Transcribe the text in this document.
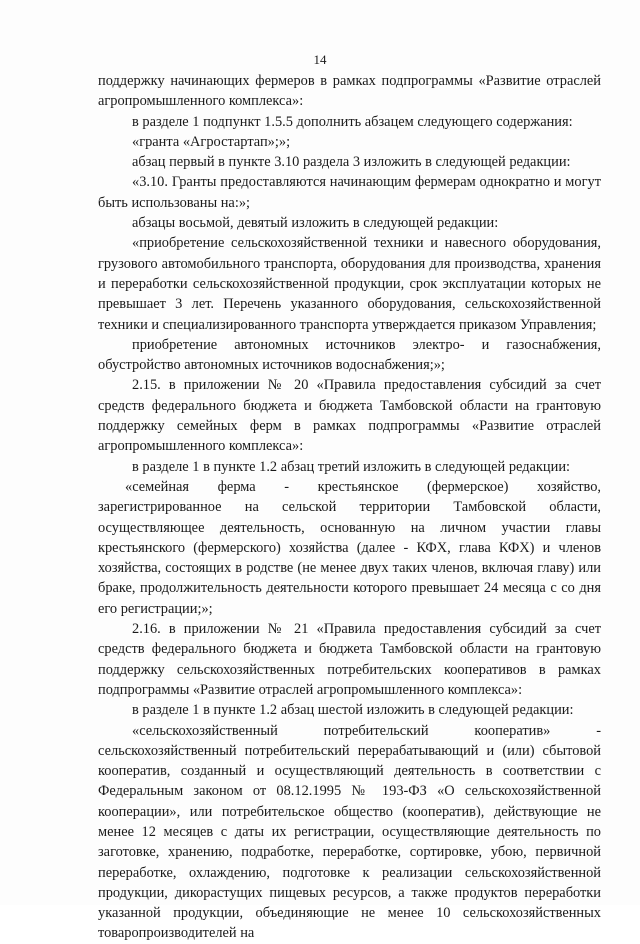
14

поддержку начинающих фермеров в рамках подпрограммы «Развитие отраслей агропромышленного комплекса»:

в разделе 1 подпункт 1.5.5 дополнить абзацем следующего содержания:

«гранта «Агростартап»;»;

абзац первый в пункте 3.10 раздела 3 изложить в следующей редакции:

«3.10. Гранты предоставляются начинающим фермерам однократно и могут быть использованы на:»;

абзацы восьмой, девятый изложить в следующей редакции:

«приобретение сельскохозяйственной техники и навесного оборудования, грузового автомобильного транспорта, оборудования для производства, хранения и переработки сельскохозяйственной продукции, срок эксплуатации которых не превышает 3 лет. Перечень указанного оборудования, сельскохозяйственной техники и специализированного транспорта утверждается приказом Управления;

приобретение автономных источников электро- и газоснабжения, обустройство автономных источников водоснабжения;»;

2.15. в приложении № 20 «Правила предоставления субсидий за счет средств федерального бюджета и бюджета Тамбовской области на грантовую поддержку семейных ферм в рамках подпрограммы «Развитие отраслей агропромышленного комплекса»:

в разделе 1 в пункте 1.2 абзац третий изложить в следующей редакции:

«семейная ферма - крестьянское (фермерское) хозяйство, зарегистрированное на сельской территории Тамбовской области, осуществляющее деятельность, основанную на личном участии главы крестьянского (фермерского) хозяйства (далее - КФХ, глава КФХ) и членов хозяйства, состоящих в родстве (не менее двух таких членов, включая главу) или браке, продолжительность деятельности которого превышает 24 месяца с со дня его регистрации;»;

2.16. в приложении № 21 «Правила предоставления субсидий за счет средств федерального бюджета и бюджета Тамбовской области на грантовую поддержку сельскохозяйственных потребительских кооперативов в рамках подпрограммы «Развитие отраслей агропромышленного комплекса»:

в разделе 1 в пункте 1.2 абзац шестой изложить в следующей редакции:

«сельскохозяйственный потребительский кооператив» - сельскохозяйственный потребительский перерабатывающий и (или) сбытовой кооператив, созданный и осуществляющий деятельность в соответствии с Федеральным законом от 08.12.1995 № 193-ФЗ «О сельскохозяйственной кооперации», или потребительское общество (кооператив), действующие не менее 12 месяцев с даты их регистрации, осуществляющие деятельность по заготовке, хранению, подработке, переработке, сортировке, убою, первичной переработке, охлаждению, подготовке к реализации сельскохозяйственной продукции, дикорастущих пищевых ресурсов, а также продуктов переработки указанной продукции, объединяющие не менее 10 сельскохозяйственных товаропроизводителей на
